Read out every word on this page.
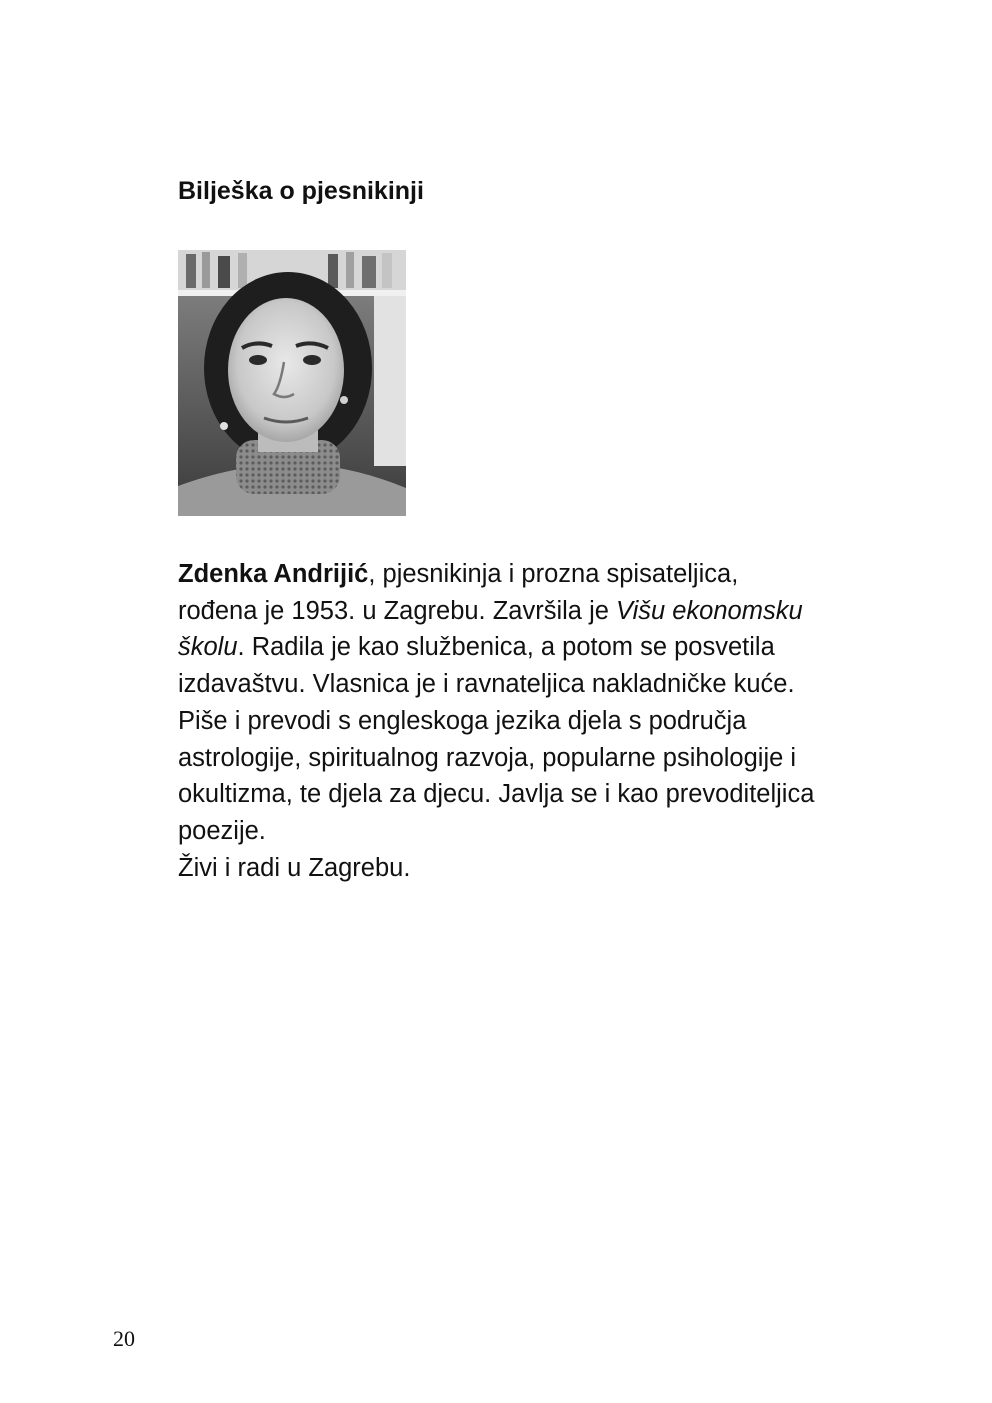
Bilješka o pjesnikinji

Zdenka Andrijić, pjesnikinja i prozna spisateljica,
rođena je 1953. u Zagrebu. Završila je Višu ekonomsku
školu. Radila je kao službenica, a potom se posvetila
izdavaštvu. Vlasnica je i ravnateljica nakladničke kuće.
Piše i prevodi s engleskoga jezika djela s područja
astrologije, spiritualnog razvoja, popularne psihologije i
okultizma, te djela za djecu. Javlja se i kao prevoditeljica
poezije.
Živi i radi u Zagrebu.

20
